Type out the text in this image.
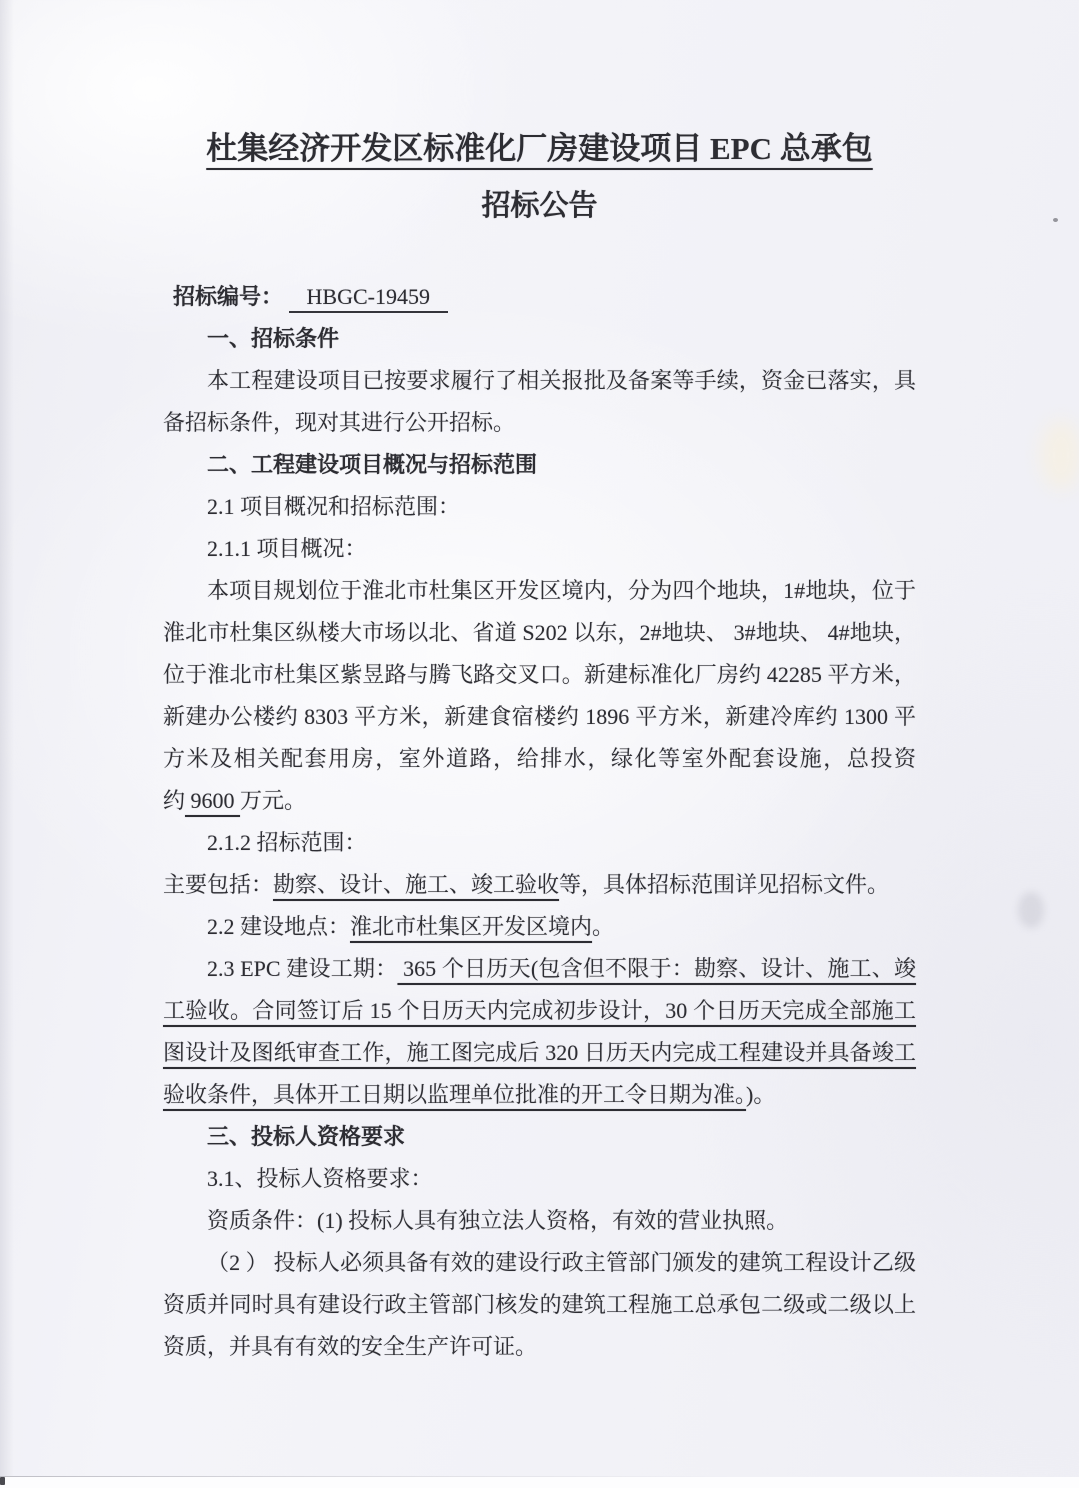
杜集经济开发区标准化厂房建设项目 EPC 总承包
招标公告

招标编号： HBGC-19459

一、招标条件

本工程建设项目已按要求履行了相关报批及备案等手续，资金已落实，具备招标条件，现对其进行公开招标。

二、工程建设项目概况与招标范围

2.1 项目概况和招标范围：

2.1.1 项目概况：

本项目规划位于淮北市杜集区开发区境内，分为四个地块，1#地块，位于淮北市杜集区纵楼大市场以北、省道 S202 以东，2#地块、 3#地块、 4#地块，位于淮北市杜集区紫昱路与腾飞路交叉口。新建标准化厂房约 42285 平方米，新建办公楼约 8303 平方米，新建食宿楼约 1896 平方米，新建冷库约 1300 平方米及相关配套用房，室外道路，给排水，绿化等室外配套设施，总投资约 9600 万元。

2.1.2 招标范围：

主要包括：勘察、设计、施工、竣工验收等，具体招标范围详见招标文件。

2.2 建设地点：淮北市杜集区开发区境内。

2.3 EPC 建设工期： 365 个日历天(包含但不限于：勘察、设计、施工、竣工验收。合同签订后 15 个日历天内完成初步设计，30 个日历天完成全部施工图设计及图纸审查工作，施工图完成后 320 日历天内完成工程建设并具备竣工验收条件，具体开工日期以监理单位批准的开工令日期为准。)。

三、投标人资格要求

3.1、投标人资格要求：

资质条件：(1) 投标人具有独立法人资格，有效的营业执照。

（2 ） 投标人必须具备有效的建设行政主管部门颁发的建筑工程设计乙级资质并同时具有建设行政主管部门核发的建筑工程施工总承包二级或二级以上资质，并具有有效的安全生产许可证。
